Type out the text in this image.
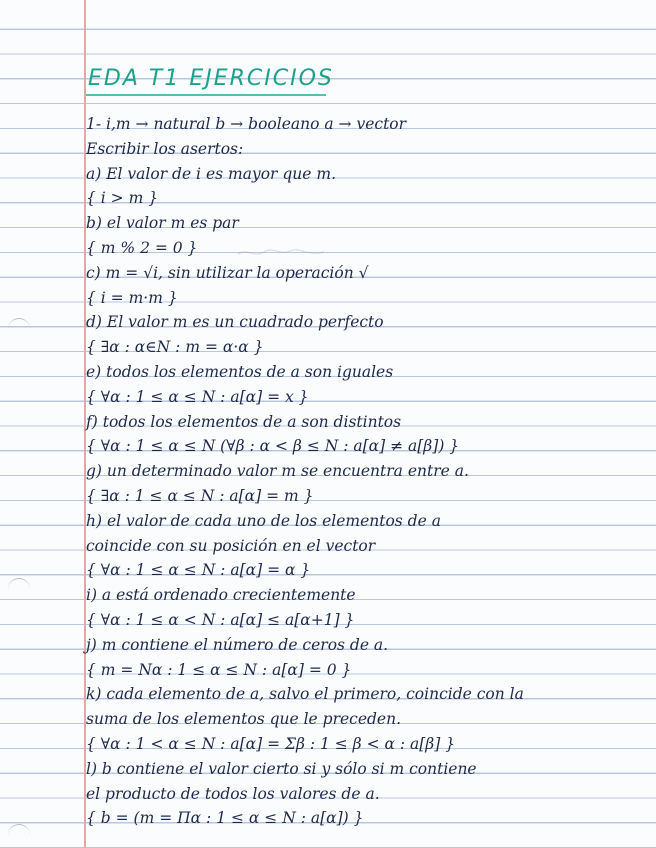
EDA T1 EJERCICIOS
1- i,m → natural b → booleano a → vector
Escribir los asertos:
a) El valor de i es mayor que m.
{ i > m }
b) el valor m es par
{ m % 2 = 0 }
c) m = √i, sin utilizar la operación √
{ i = m·m }
d) El valor m es un cuadrado perfecto
{ ∃α : α∈N : m = α·α }
e) todos los elementos de a son iguales
{ ∀α : 1 ≤ α ≤ N : a[α] = x }
f) todos los elementos de a son distintos
{ ∀α : 1 ≤ α ≤ N (∀β : α < β ≤ N : a[α] ≠ a[β]) }
g) un determinado valor m se encuentra entre a.
{ ∃α : 1 ≤ α ≤ N : a[α] = m }
h) el valor de cada uno de los elementos de a
coincide con su posición en el vector
{ ∀α : 1 ≤ α ≤ N : a[α] = α }
i) a está ordenado crecientemente
{ ∀α : 1 ≤ α < N : a[α] ≤ a[α+1] }
j) m contiene el número de ceros de a.
{ m = Nα : 1 ≤ α ≤ N : a[α] = 0 }
k) cada elemento de a, salvo el primero, coincide con la
suma de los elementos que le preceden.
{ ∀α : 1 < α ≤ N : a[α] = Σβ : 1 ≤ β < α : a[β] }
l) b contiene el valor cierto si y sólo si m contiene
el producto de todos los valores de a.
{ b = (m = Πα : 1 ≤ α ≤ N : a[α]) }
